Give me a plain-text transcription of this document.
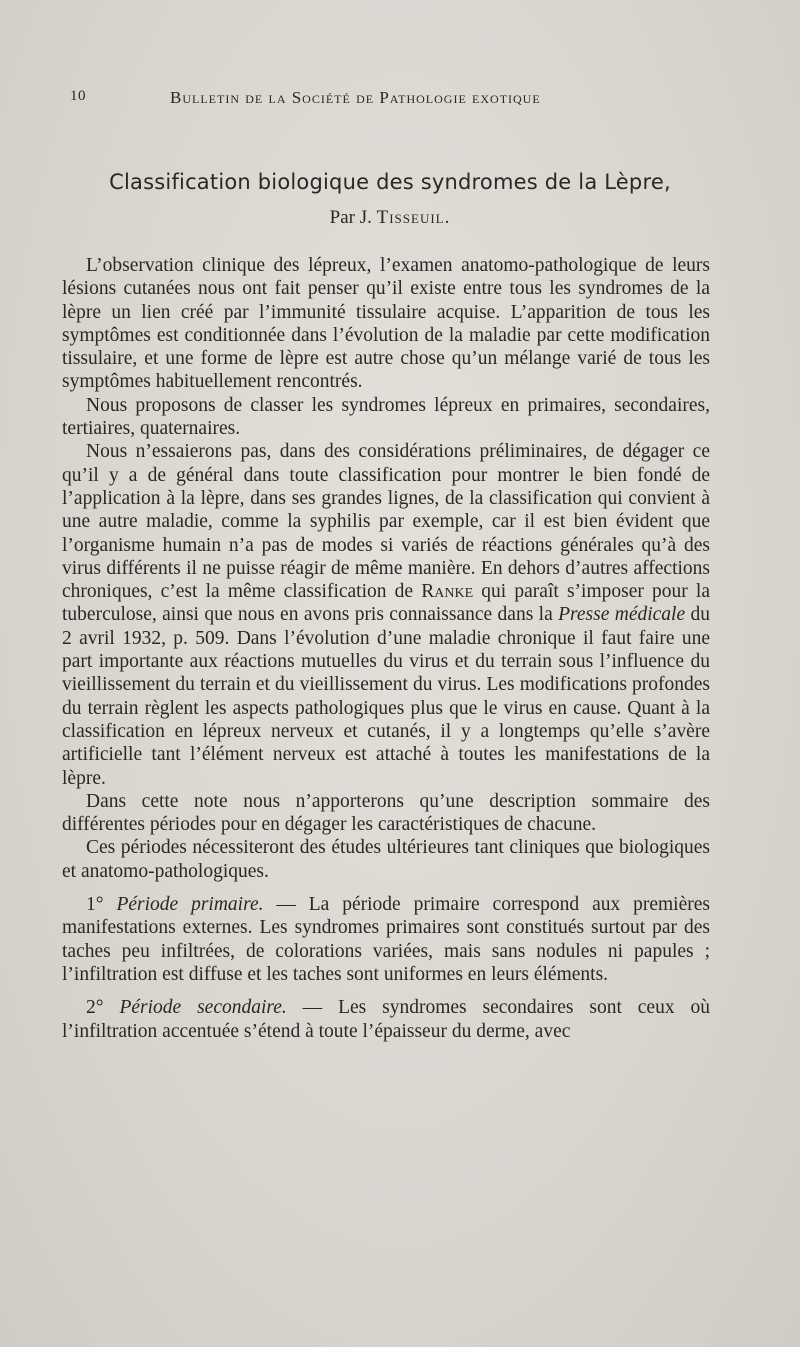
10	Bulletin de la Société de Pathologie exotique
Classification biologique des syndromes de la Lèpre,
Par J. Tisseuil.

L’observation clinique des lépreux, l’examen anatomo-pathologique de leurs lésions cutanées nous ont fait penser qu’il existe entre tous les syndromes de la lèpre un lien créé par l’immunité tissulaire acquise. L’apparition de tous les symptômes est conditionnée dans l’évolution de la maladie par cette modification tissulaire, et une forme de lèpre est autre chose qu’un mélange varié de tous les symptômes habituellement rencontrés.

Nous proposons de classer les syndromes lépreux en primaires, secondaires, tertiaires, quaternaires.

Nous n’essaierons pas, dans des considérations préliminaires, de dégager ce qu’il y a de général dans toute classification pour montrer le bien fondé de l’application à la lèpre, dans ses grandes lignes, de la classification qui convient à une autre maladie, comme la syphilis par exemple, car il est bien évident que l’organisme humain n’a pas de modes si variés de réactions générales qu’à des virus différents il ne puisse réagir de même manière. En dehors d’autres affections chroniques, c’est la même classification de Ranke qui paraît s’imposer pour la tuberculose, ainsi que nous en avons pris connaissance dans la Presse médicale du 2 avril 1932, p. 509. Dans l’évolution d’une maladie chronique il faut faire une part importante aux réactions mutuelles du virus et du terrain sous l’influence du vieillissement du terrain et du vieillissement du virus. Les modifications profondes du terrain règlent les aspects pathologiques plus que le virus en cause. Quant à la classification en lépreux nerveux et cutanés, il y a longtemps qu’elle s’avère artificielle tant l’élément nerveux est attaché à toutes les manifestations de la lèpre.

Dans cette note nous n’apporterons qu’une description sommaire des différentes périodes pour en dégager les caractéristiques de chacune.

Ces périodes nécessiteront des études ultérieures tant cliniques que biologiques et anatomo-pathologiques.

1° Période primaire. — La période primaire correspond aux premières manifestations externes. Les syndromes primaires sont constitués surtout par des taches peu infiltrées, de colorations variées, mais sans nodules ni papules ; l’infiltration est diffuse et les taches sont uniformes en leurs éléments.

2° Période secondaire. — Les syndromes secondaires sont ceux où l’infiltration accentuée s’étend à toute l’épaisseur du derme, avec
